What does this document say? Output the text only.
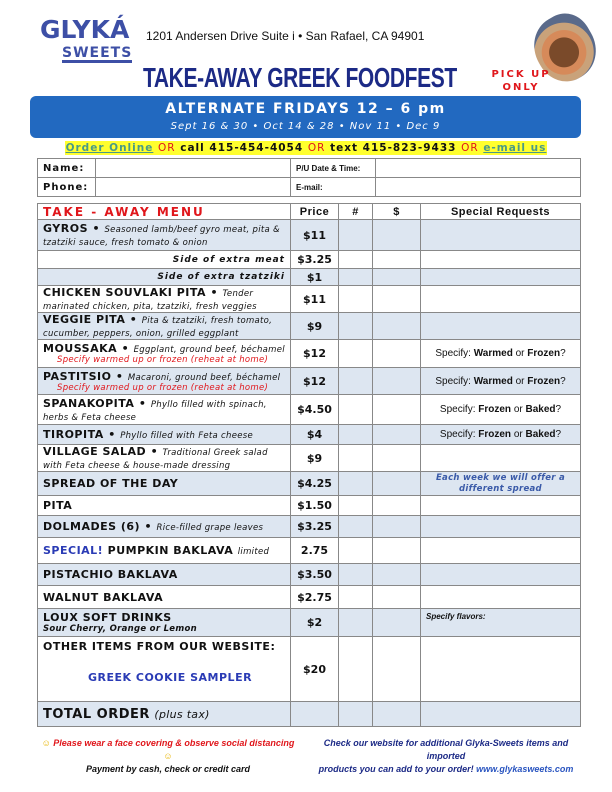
GLYKÁ
SWEETS
1201 Andersen Drive Suite i • San Rafael, CA 94901
TAKE-AWAY GREEK FOODFEST	PICK UP
ONLY
ALTERNATE FRIDAYS 12 – 6 pm
Sept 16 & 30 • Oct 14 & 28 • Nov 11 • Dec 9
Order Online OR call 415-454-4054 OR text 415-823-9433 OR e-mail us
Name:		P/U Date & Time:	
Phone:		E-mail:	
TAKE - AWAY MENU	Price	#	$	Special Requests
GYROS • Seasoned lamb/beef gyro meat, pita & tzatziki sauce, fresh tomato & onion	$11			
Side of extra meat	$3.25			
Side of extra tzatziki	$1			
CHICKEN SOUVLAKI PITA • Tender marinated chicken, pita, tzatziki, fresh veggies	$11			
VEGGIE PITA • Pita & tzatziki, fresh tomato, cucumber, peppers, onion, grilled eggplant	$9			
MOUSSAKA • Eggplant, ground beef, béchamel
Specify warmed up or frozen (reheat at home)	$12			Specify: Warmed or Frozen?
PASTITSIO • Macaroni, ground beef, béchamel
Specify warmed up or frozen (reheat at home)	$12			Specify: Warmed or Frozen?
SPANAKOPITA • Phyllo filled with spinach, herbs & Feta cheese	$4.50			Specify: Frozen or Baked?
TIROPITA • Phyllo filled with Feta cheese	$4			Specify: Frozen or Baked?
VILLAGE SALAD • Traditional Greek salad with Feta cheese & house-made dressing	$9			
SPREAD OF THE DAY	$4.25			Each week we will offer a different spread

PITA	$1.50			
DOLMADES (6) • Rice-filled grape leaves	$3.25			
SPECIAL! PUMPKIN BAKLAVA limited	2.75			
PISTACHIO BAKLAVA	$3.50			
WALNUT BAKLAVA	$2.75			
LOUX SOFT DRINKS
Sour Cherry, Orange or Lemon	$2			Specify flavors:

OTHER ITEMS FROM OUR WEBSITE:
GREEK COOKIE SAMPLER	$20			
TOTAL ORDER (plus tax)				
☺ Please wear a face covering & observe social distancing ☺
Payment by cash, check or credit card
Check our website for additional Glyka-Sweets items and imported
products you can add to your order! www.glykasweets.com
